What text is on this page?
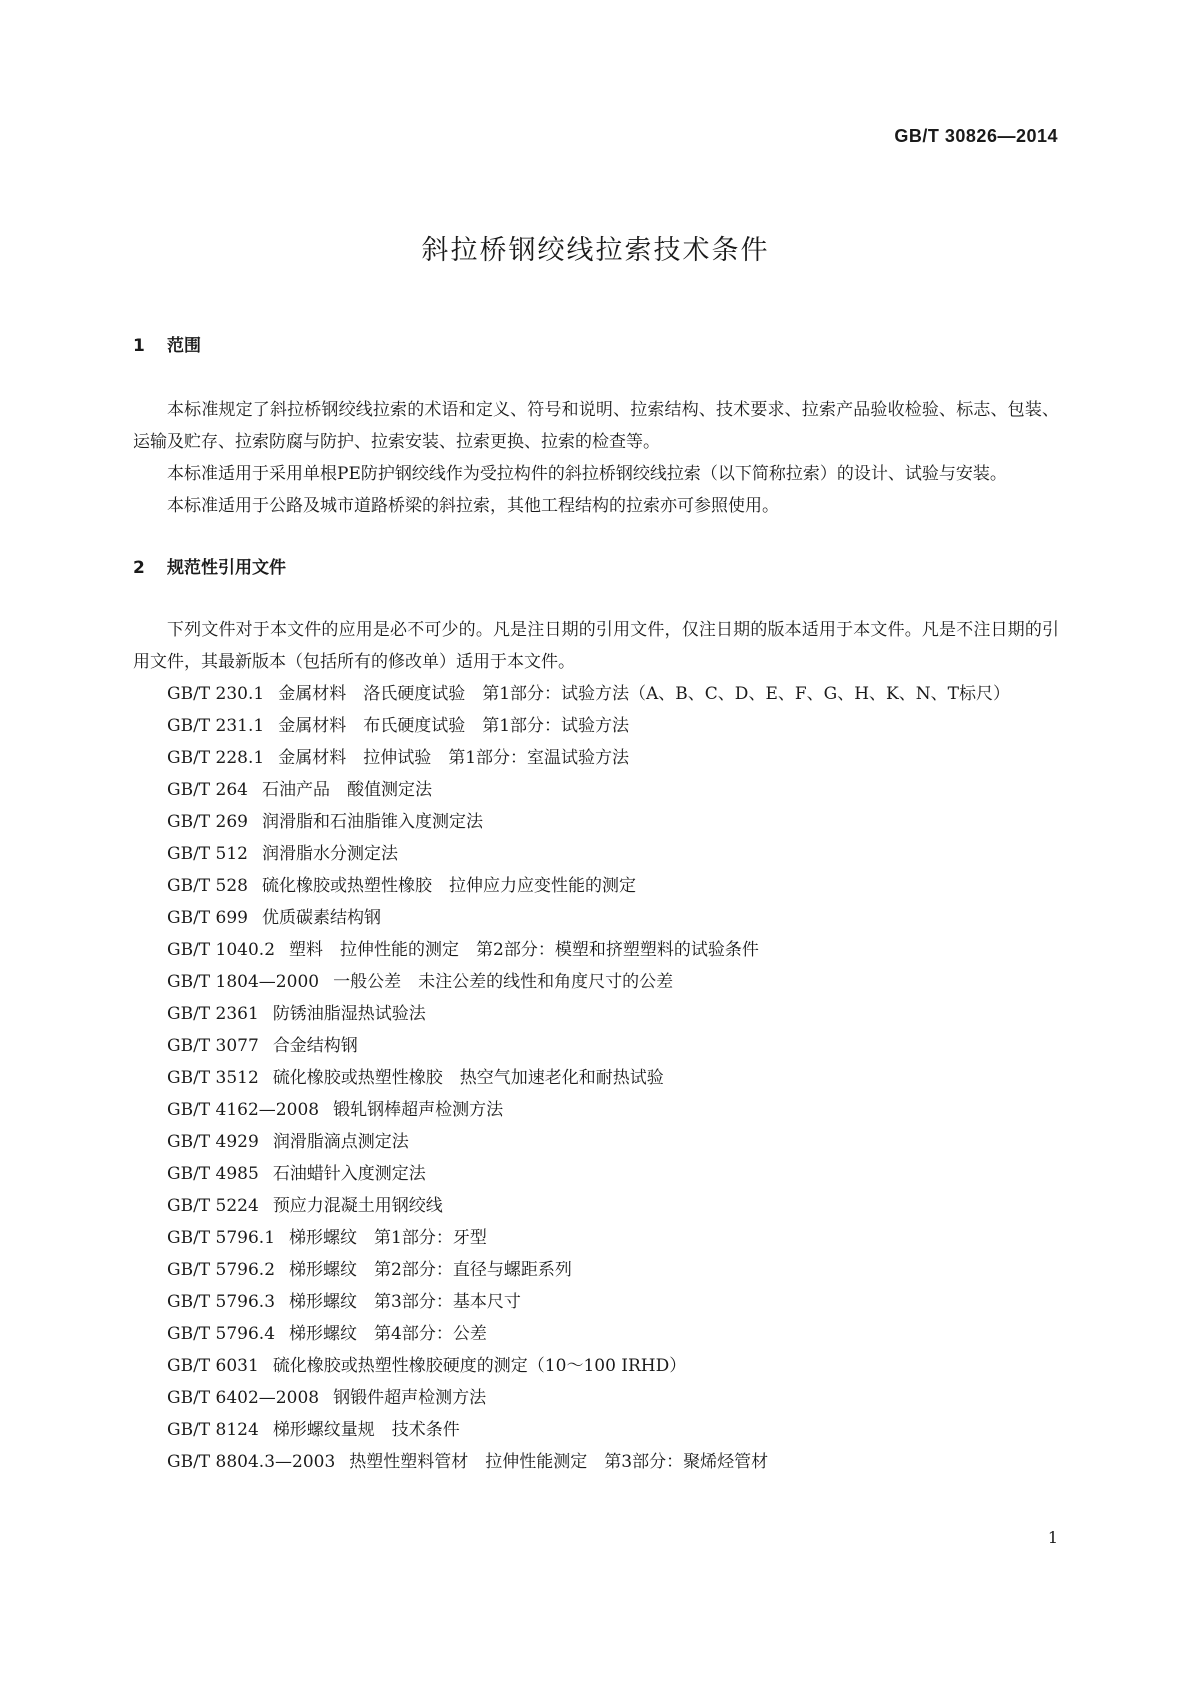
GB/T 30826—2014
斜拉桥钢绞线拉索技术条件
1 范围

本标准规定了斜拉桥钢绞线拉索的术语和定义、符号和说明、拉索结构、技术要求、拉索产品验收检验、标志、包装、运输及贮存、拉索防腐与防护、拉索安装、拉索更换、拉索的检查等。

本标准适用于采用单根PE防护钢绞线作为受拉构件的斜拉桥钢绞线拉索（以下简称拉索）的设计、试验与安装。

本标准适用于公路及城市道路桥梁的斜拉索，其他工程结构的拉索亦可参照使用。

2 规范性引用文件

下列文件对于本文件的应用是必不可少的。凡是注日期的引用文件，仅注日期的版本适用于本文件。凡是不注日期的引用文件，其最新版本（包括所有的修改单）适用于本文件。

GB/T 230.1 金属材料　洛氏硬度试验　第1部分：试验方法（A、B、C、D、E、F、G、H、K、N、T标尺）
GB/T 231.1 金属材料　布氏硬度试验　第1部分：试验方法
GB/T 228.1 金属材料　拉伸试验　第1部分：室温试验方法
GB/T 264 石油产品　酸值测定法
GB/T 269 润滑脂和石油脂锥入度测定法
GB/T 512 润滑脂水分测定法
GB/T 528 硫化橡胶或热塑性橡胶　拉伸应力应变性能的测定
GB/T 699 优质碳素结构钢
GB/T 1040.2 塑料　拉伸性能的测定　第2部分：模塑和挤塑塑料的试验条件
GB/T 1804—2000 一般公差　未注公差的线性和角度尺寸的公差
GB/T 2361 防锈油脂湿热试验法
GB/T 3077 合金结构钢
GB/T 3512 硫化橡胶或热塑性橡胶　热空气加速老化和耐热试验
GB/T 4162—2008 锻轧钢棒超声检测方法
GB/T 4929 润滑脂滴点测定法
GB/T 4985 石油蜡针入度测定法
GB/T 5224 预应力混凝土用钢绞线
GB/T 5796.1 梯形螺纹　第1部分：牙型
GB/T 5796.2 梯形螺纹　第2部分：直径与螺距系列
GB/T 5796.3 梯形螺纹　第3部分：基本尺寸
GB/T 5796.4 梯形螺纹　第4部分：公差
GB/T 6031 硫化橡胶或热塑性橡胶硬度的测定（10～100 IRHD）
GB/T 6402—2008 钢锻件超声检测方法
GB/T 8124 梯形螺纹量规　技术条件
GB/T 8804.3—2003 热塑性塑料管材　拉伸性能测定　第3部分：聚烯烃管材
1
